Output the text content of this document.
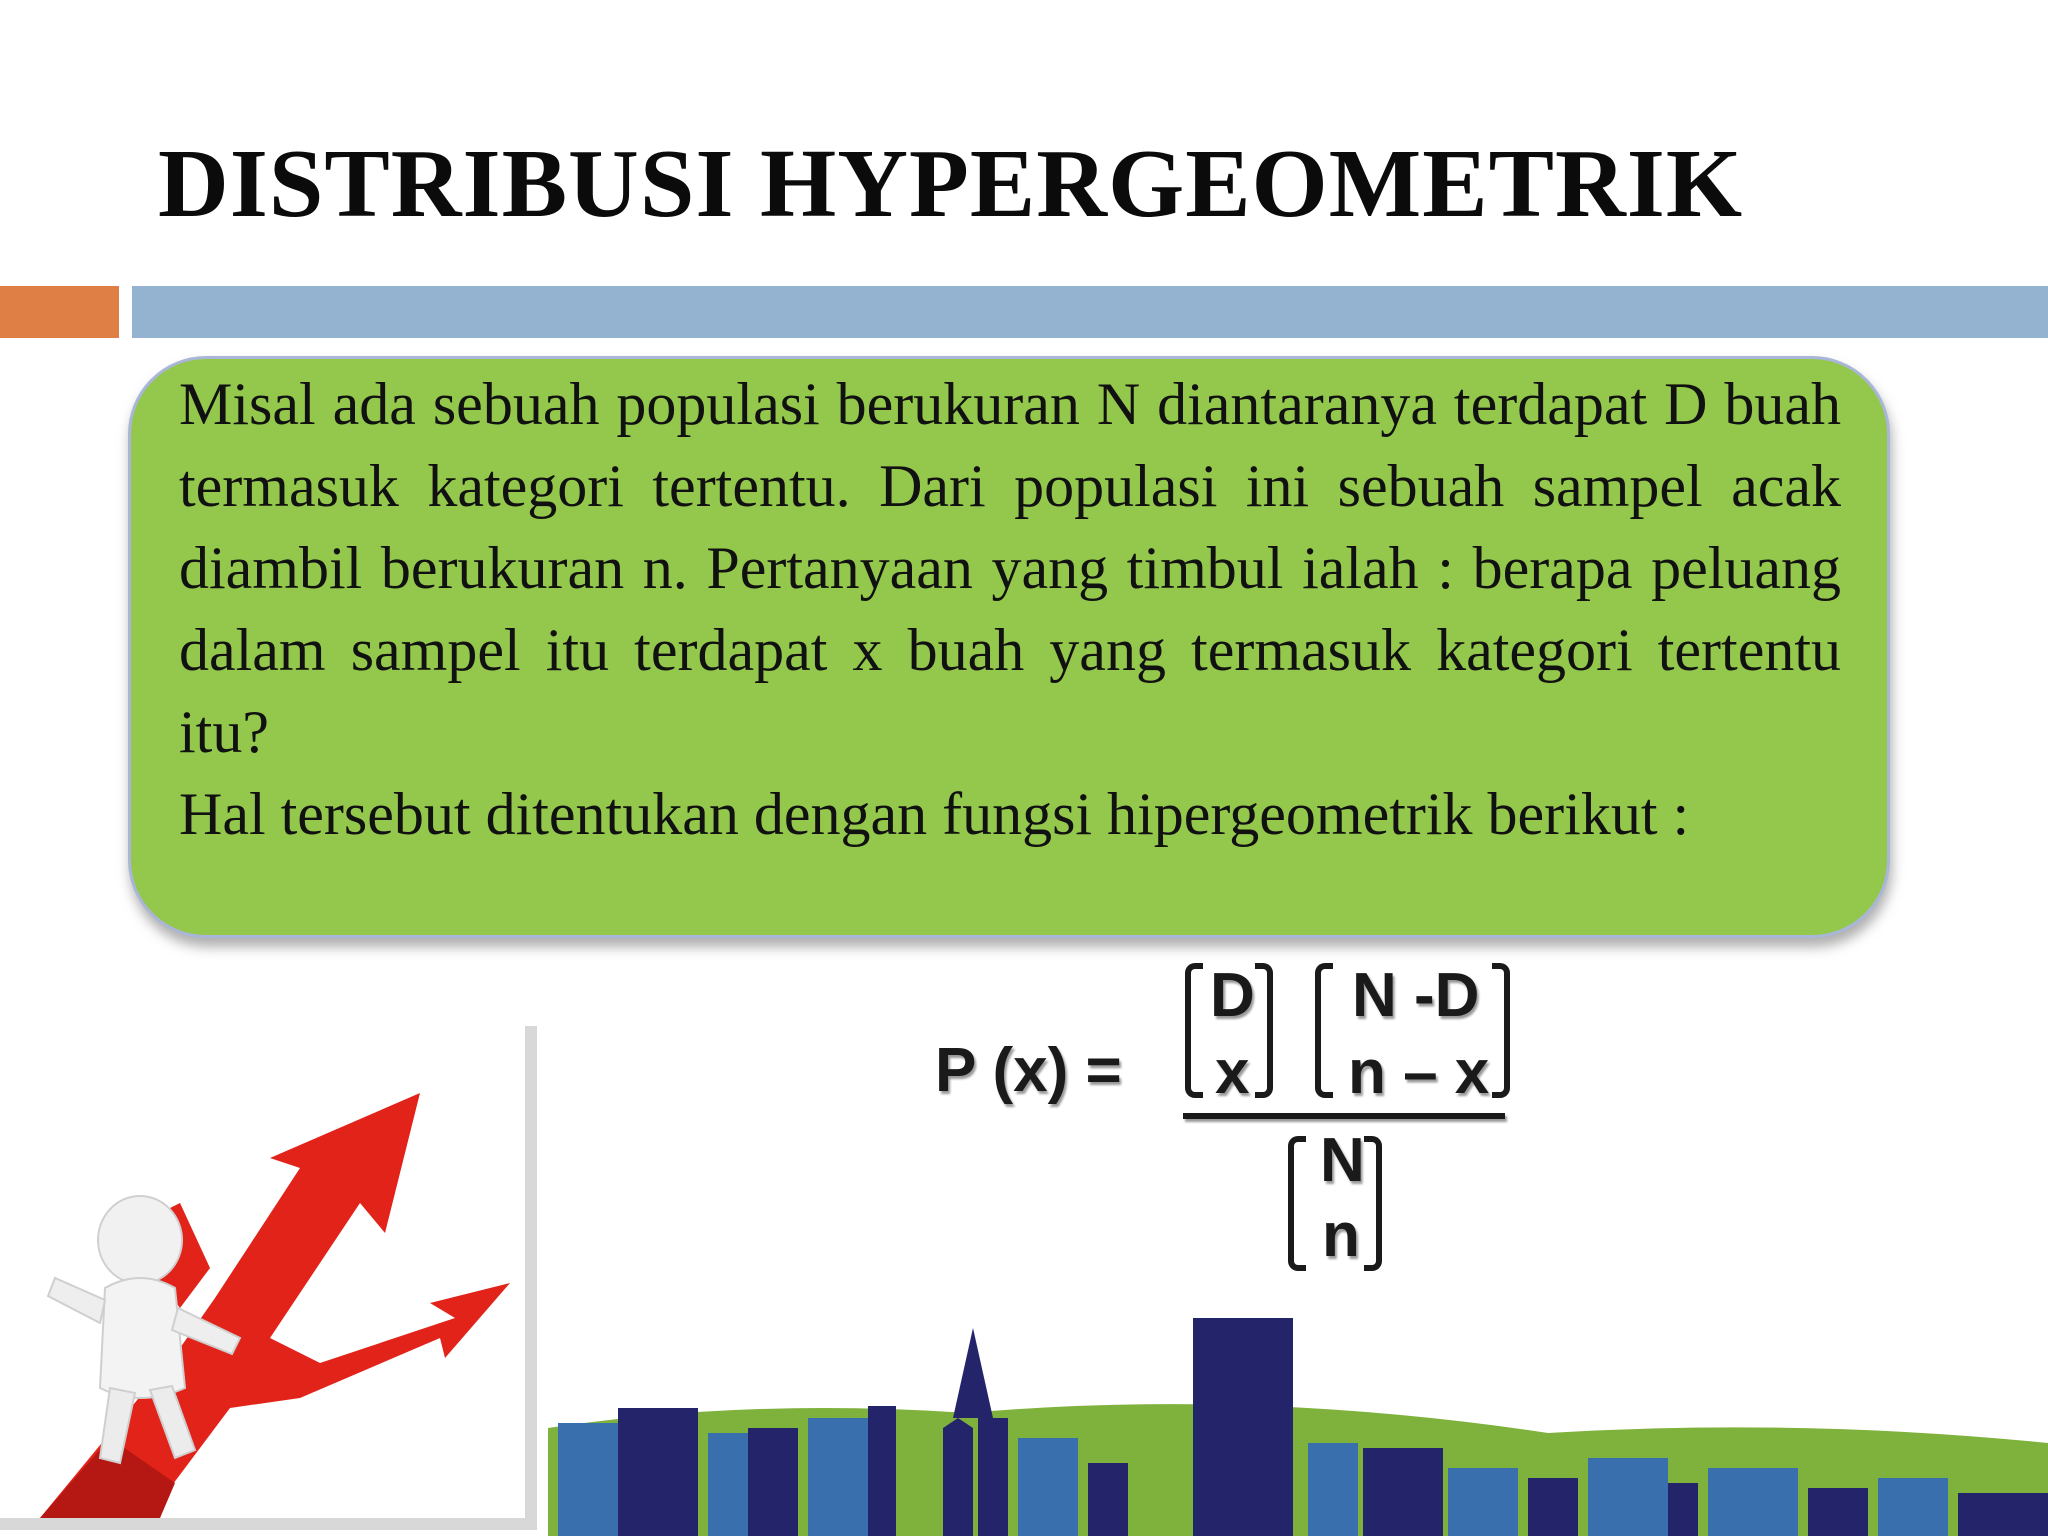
DISTRIBUSI HYPERGEOMETRIK

Misal ada sebuah populasi berukuran N diantaranya terdapat D buah termasuk kategori tertentu. Dari populasi ini sebuah sampel acak diambil berukuran n. Pertanyaan yang timbul ialah : berapa peluang dalam sampel itu terdapat x buah yang termasuk kategori tertentu itu?

Hal tersebut ditentukan dengan fungsi hipergeometrik berikut :

P (x) =
D
x
N -D
n – x
N
n
